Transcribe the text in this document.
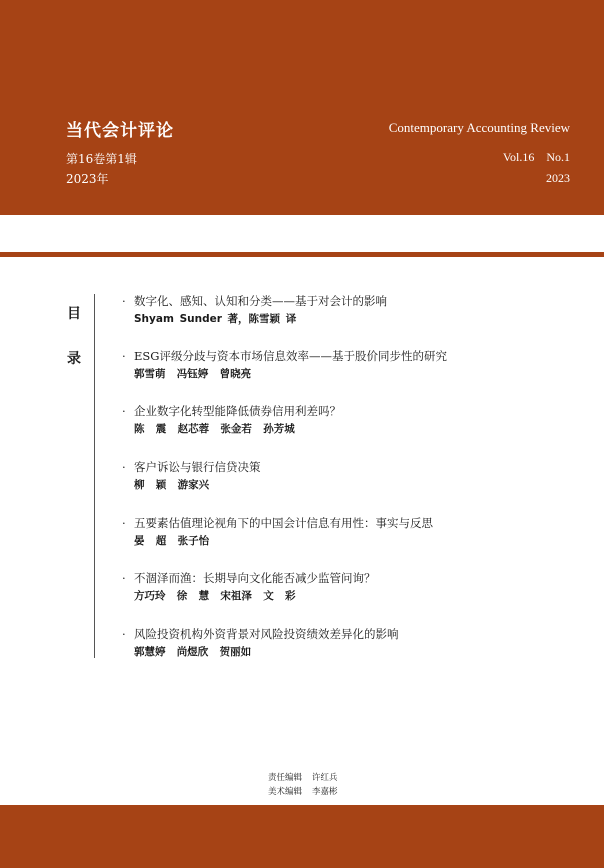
当代会计评论	Contemporary Accounting Review
第16卷第1辑
2023年
Vol.16    No.1
2023
目
录
· 数字化、感知、认知和分类——基于对会计的影响
Shyam Sunder 著，陈雪颖 译
· ESG评级分歧与资本市场信息效率——基于股价同步性的研究
郭雪萌  冯钰婷  曾晓亮
· 企业数字化转型能降低债券信用利差吗？
陈  震  赵芯蓉  张金若  孙芳城
· 客户诉讼与银行信贷决策
柳  颖  游家兴
· 五要素估值理论视角下的中国会计信息有用性：事实与反思
晏  超  张子怡
· 不涸泽而渔：长期导向文化能否减少监管问询？
方巧玲  徐  慧  宋祖泽  文  彩
· 风险投资机构外资背景对风险投资绩效差异化的影响
郭慧婷  尚煜欣  贺丽如
责任编辑 许红兵
美术编辑 李嘉彬
